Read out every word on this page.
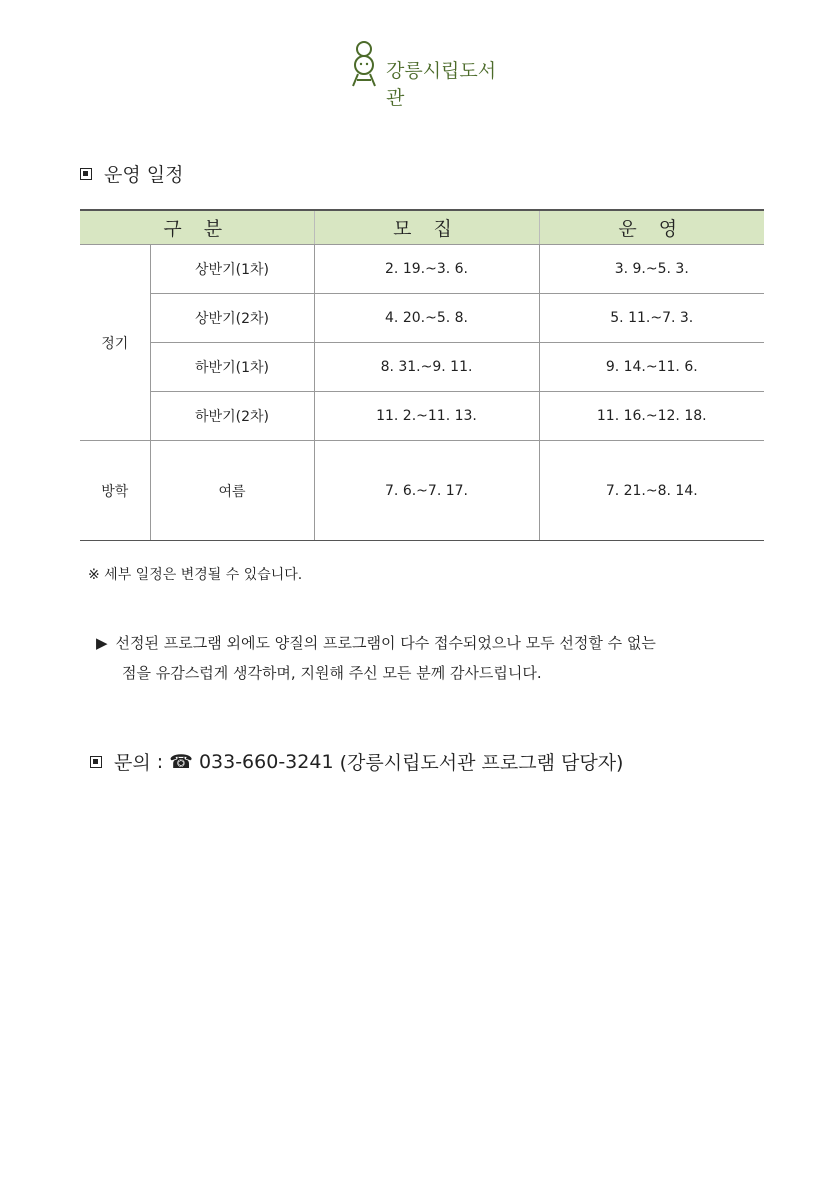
강릉시립도서관
운영 일정
구 분		모 집	운 영
정기	상반기(1차)	2. 19.~3. 6.	3. 9.~5. 3.
	상반기(2차)	4. 20.~5. 8.	5. 11.~7. 3.
	하반기(1차)	8. 31.~9. 11.	9. 14.~11. 6.
	하반기(2차)	11. 2.~11. 13.	11. 16.~12. 18.
방학	여름	7. 6.~7. 17.	7. 21.~8. 14.
※ 세부 일정은 변경될 수 있습니다.
▶ 선정된 프로그램 외에도 양질의 프로그램이 다수 접수되었으나 모두 선정할 수 없는
점을 유감스럽게 생각하며, 지원해 주신 모든 분께 감사드립니다.
문의
:
☎
033-660-3241
(강릉시립도서관 프로그램 담당자)
